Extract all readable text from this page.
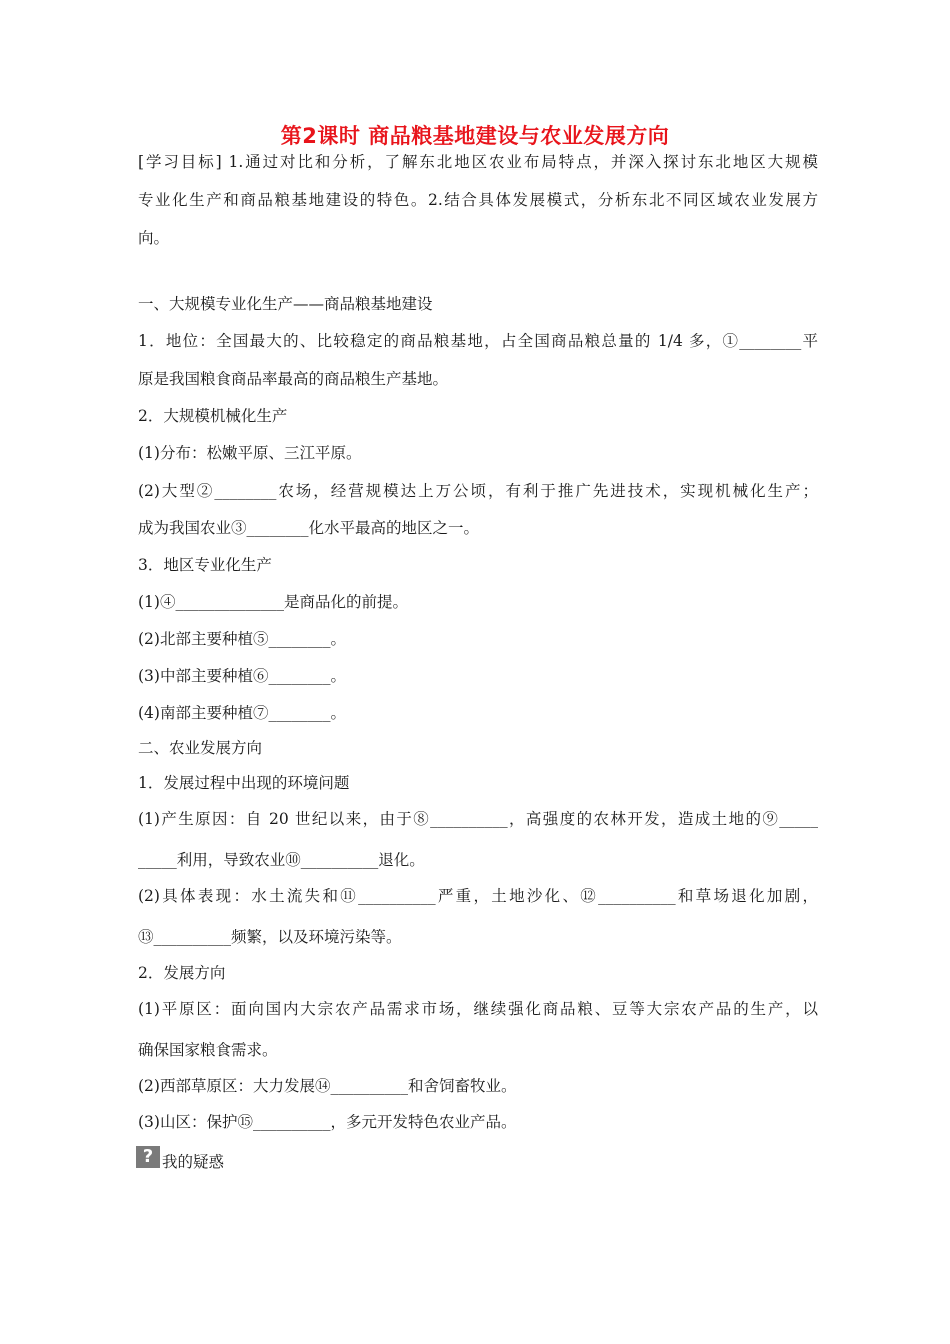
第2课时 商品粮基地建设与农业发展方向
[学习目标] 1.通过对比和分析，了解东北地区农业布局特点，并深入探讨东北地区大规模
专业化生产和商品粮基地建设的特色。2.结合具体发展模式，分析东北不同区域农业发展方
向。
一、大规模专业化生产——商品粮基地建设
1．地位：全国最大的、比较稳定的商品粮基地，占全国商品粮总量的 1/4 多，①________平
原是我国粮食商品率最高的商品粮生产基地。
2．大规模机械化生产
(1)分布：松嫩平原、三江平原。
(2)大型②________农场，经营规模达上万公顷，有利于推广先进技术，实现机械化生产；
成为我国农业③________化水平最高的地区之一。
3．地区专业化生产
(1)④______________是商品化的前提。
(2)北部主要种植⑤________。
(3)中部主要种植⑥________。
(4)南部主要种植⑦________。
二、农业发展方向
1．发展过程中出现的环境问题
(1)产生原因：自 20 世纪以来，由于⑧__________，高强度的农林开发，造成土地的⑨_____
_____利用，导致农业⑩__________退化。
(2)具体表现：水土流失和⑪__________严重，土地沙化、⑫__________和草场退化加剧，
⑬__________频繁，以及环境污染等。
2．发展方向
(1)平原区：面向国内大宗农产品需求市场，继续强化商品粮、豆等大宗农产品的生产，以
确保国家粮食需求。
(2)西部草原区：大力发展⑭__________和舍饲畜牧业。
(3)山区：保护⑮__________，多元开发特色农业产品。
? 我的疑惑
